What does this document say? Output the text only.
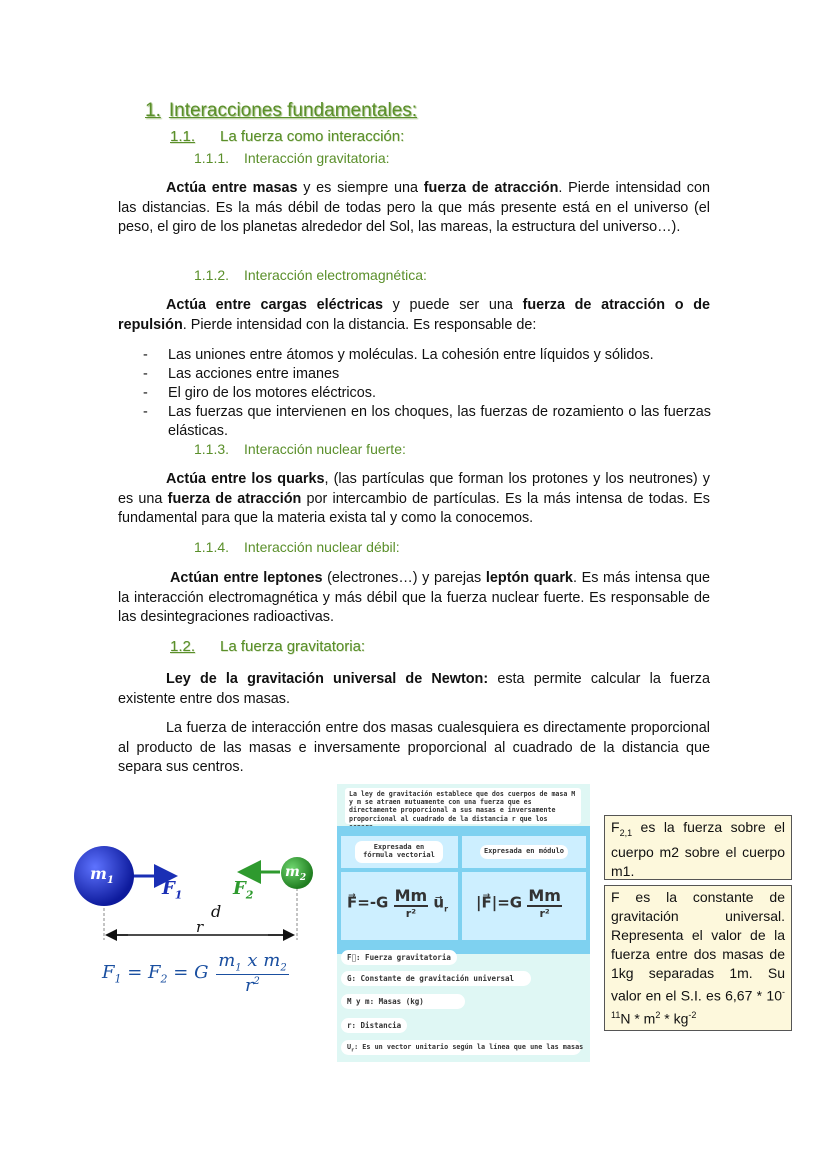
1. Interacciones fundamentales:
1.1. La fuerza como interacción:
1.1.1. Interacción gravitatoria:

Actúa entre masas y es siempre una fuerza de atracción. Pierde intensidad con las distancias. Es la más débil de todas pero la que más presente está en el universo (el peso, el giro de los planetas alrededor del Sol, las mareas, la estructura del universo…).

1.1.2. Interacción electromagnética:

Actúa entre cargas eléctricas y puede ser una fuerza de atracción o de repulsión. Pierde intensidad con la distancia. Es responsable de:

- Las uniones entre átomos y moléculas. La cohesión entre líquidos y sólidos.
- Las acciones entre imanes
- El giro de los motores eléctricos.
- Las fuerzas que intervienen en los choques, las fuerzas de rozamiento o las fuerzas elásticas.
1.1.3. Interacción nuclear fuerte:

Actúa entre los quarks, (las partículas que forman los protones y los neutrones) y es una fuerza de atracción por intercambio de partículas. Es la más intensa de todas. Es fundamental para que la materia exista tal y como la conocemos.

1.1.4. Interacción nuclear débil:

Actúan entre leptones (electrones…) y parejas leptón quark. Es más intensa que la interacción electromagnética y más débil que la fuerza nuclear fuerte. Es responsable de las desintegraciones radioactivas.

1.2. La fuerza gravitatoria:

Ley de la gravitación universal de Newton: esta permite calcular la fuerza existente entre dos masas.

La fuerza de interacción entre dos masas cualesquiera es directamente proporcional al producto de las masas e inversamente proporcional al cuadrado de la distancia que separa sus centros.

$m_1$
$m_2$
$F_1$	$F_2$
d
r
$F_1 = F_2 = G \frac{m_1 x m_2}{r^2}$
La ley de gravitación establece que dos cuerpos de masa M y m se atraen mutuamente con una fuerza que es directamente proporcional a sus masas e inversamente proporcional al cuadrado de la distancia r que los
Expresada en fórmula vectorial	Expresada en módulo
F⃗=-G $\frac{Mm}{\text{r²}}$ $u⃗_r$ |F⃗|=G $\frac{Mm}{\text{r²}}$
F⃗: Fuerza gravitatoria
G: Constante de gravitación universal
M y m: Masas (kg)
r: Distancia
$U_r$: Es un vector unitario según la línea que une las masas
$F_{2,1}$ es la fuerza sobre el cuerpo m2 sobre el cuerpo m1.
F es la constante de gravitación universal. Representa el valor de la fuerza entre dos masas de 1kg separadas 1m. Su valor en el S.I. es $6,67 * 10^{-11}N * m^2 * kg^{-2}$
